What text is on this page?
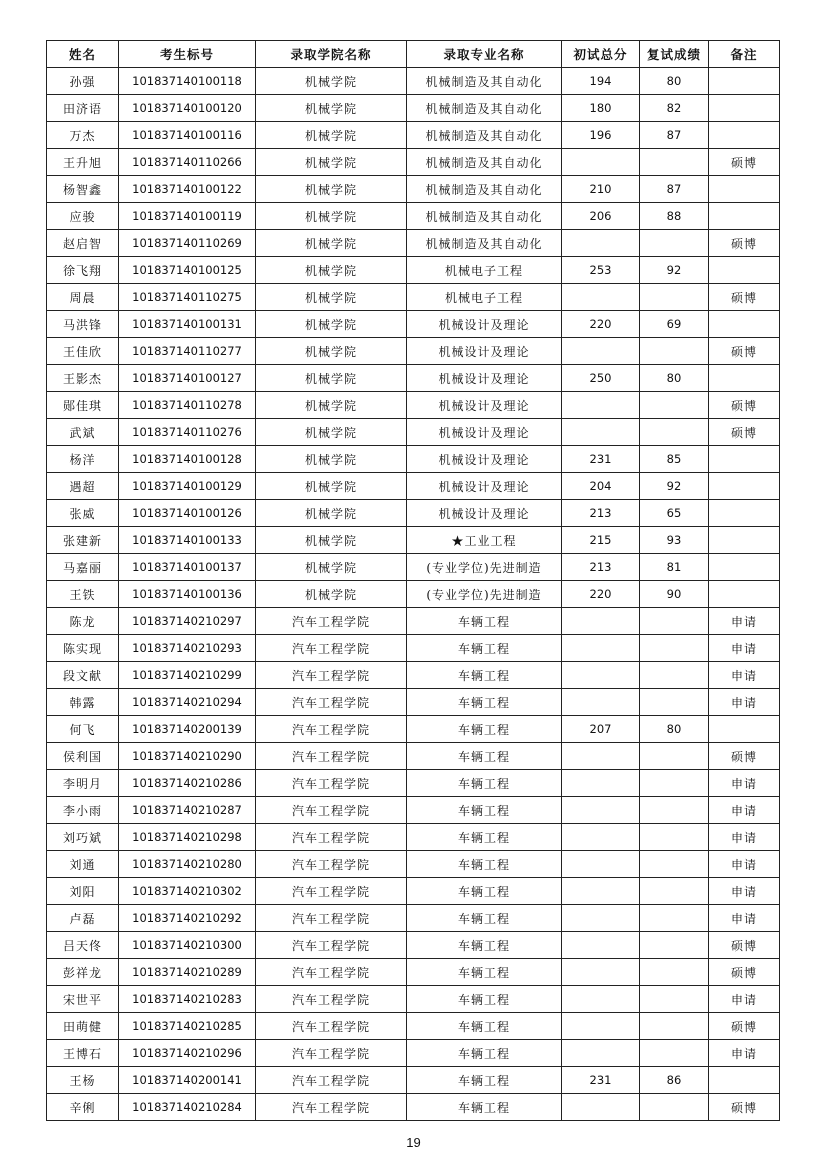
姓名	考生标号	录取学院名称	录取专业名称	初试总分	复试成绩	备注
孙强	101837140100118	机械学院	机械制造及其自动化	194	80	
田济语	101837140100120	机械学院	机械制造及其自动化	180	82	
万杰	101837140100116	机械学院	机械制造及其自动化	196	87	
王升旭	101837140110266	机械学院	机械制造及其自动化			硕博
杨智鑫	101837140100122	机械学院	机械制造及其自动化	210	87	
应骏	101837140100119	机械学院	机械制造及其自动化	206	88	
赵启智	101837140110269	机械学院	机械制造及其自动化			硕博
徐飞翔	101837140100125	机械学院	机械电子工程	253	92	
周晨	101837140110275	机械学院	机械电子工程			硕博
马洪锋	101837140100131	机械学院	机械设计及理论	220	69	
王佳欣	101837140110277	机械学院	机械设计及理论			硕博
王影杰	101837140100127	机械学院	机械设计及理论	250	80	
郧佳琪	101837140110278	机械学院	机械设计及理论			硕博
武斌	101837140110276	机械学院	机械设计及理论			硕博
杨洋	101837140100128	机械学院	机械设计及理论	231	85	
遇超	101837140100129	机械学院	机械设计及理论	204	92	
张威	101837140100126	机械学院	机械设计及理论	213	65	
张建新	101837140100133	机械学院	★工业工程	215	93	
马嘉丽	101837140100137	机械学院	(专业学位)先进制造	213	81	
王铁	101837140100136	机械学院	(专业学位)先进制造	220	90	
陈龙	101837140210297	汽车工程学院	车辆工程			申请
陈实现	101837140210293	汽车工程学院	车辆工程			申请
段文献	101837140210299	汽车工程学院	车辆工程			申请
韩露	101837140210294	汽车工程学院	车辆工程			申请
何飞	101837140200139	汽车工程学院	车辆工程	207	80	
侯利国	101837140210290	汽车工程学院	车辆工程			硕博
李明月	101837140210286	汽车工程学院	车辆工程			申请
李小雨	101837140210287	汽车工程学院	车辆工程			申请
刘巧斌	101837140210298	汽车工程学院	车辆工程			申请
刘通	101837140210280	汽车工程学院	车辆工程			申请
刘阳	101837140210302	汽车工程学院	车辆工程			申请
卢磊	101837140210292	汽车工程学院	车辆工程			申请
吕天佟	101837140210300	汽车工程学院	车辆工程			硕博
彭祥龙	101837140210289	汽车工程学院	车辆工程			硕博
宋世平	101837140210283	汽车工程学院	车辆工程			申请
田萌健	101837140210285	汽车工程学院	车辆工程			硕博
王博石	101837140210296	汽车工程学院	车辆工程			申请
王杨	101837140200141	汽车工程学院	车辆工程	231	86	
辛俐	101837140210284	汽车工程学院	车辆工程			硕博
19
